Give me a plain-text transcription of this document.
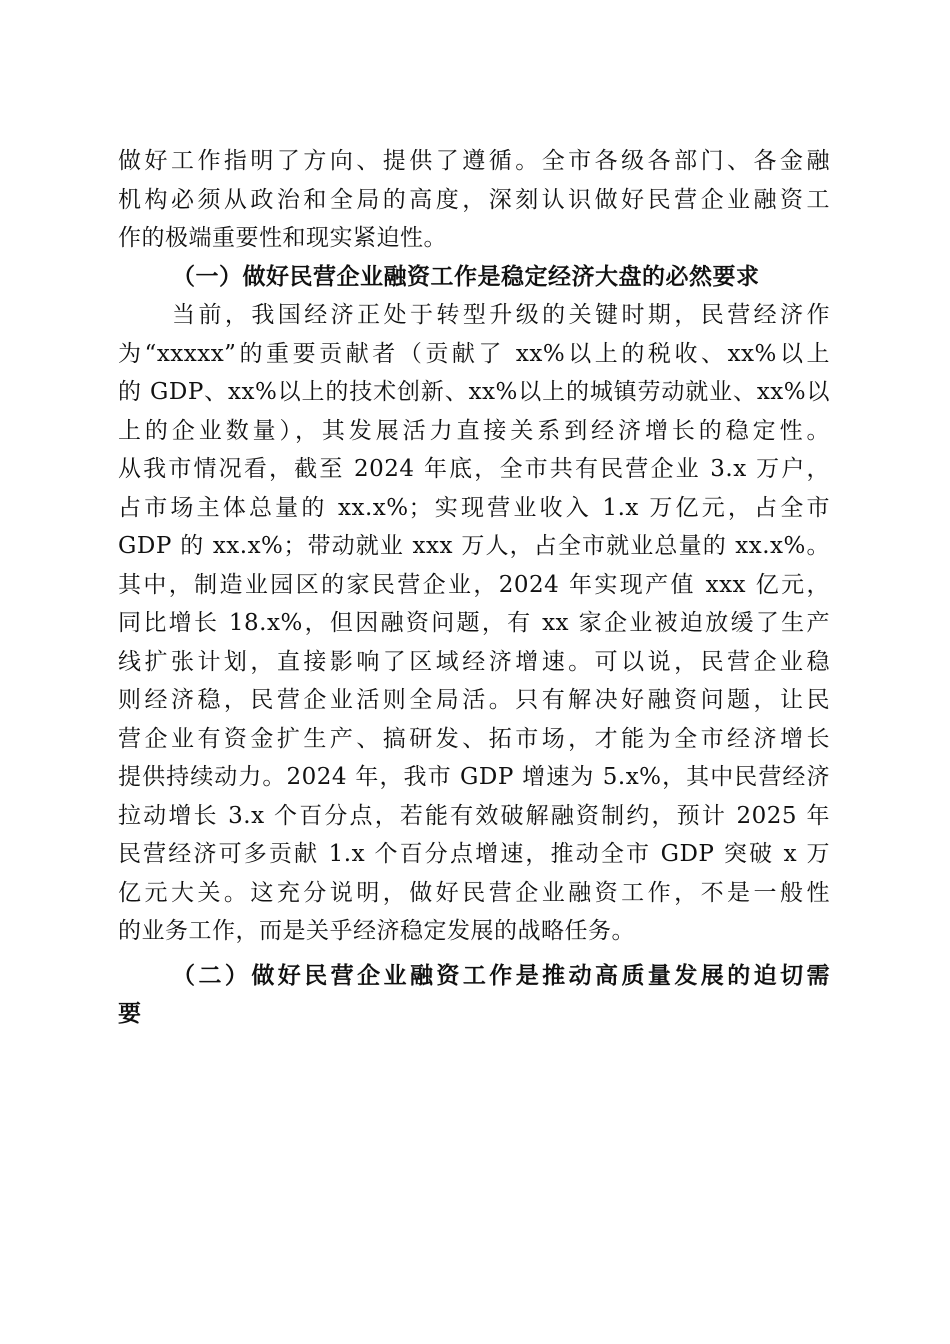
做好工作指明了方向、提供了遵循。全市各级各部门、各金融
机构必须从政治和全局的高度，深刻认识做好民营企业融资工
作的极端重要性和现实紧迫性。
（一）做好民营企业融资工作是稳定经济大盘的必然要求
当前，我国经济正处于转型升级的关键时期，民营经济作
为“xxxxx”的重要贡献者（贡献了 xx%以上的税收、xx%以上
的 GDP、xx%以上的技术创新、xx%以上的城镇劳动就业、xx%以
上的企业数量），其发展活力直接关系到经济增长的稳定性。
从我市情况看，截至 2024 年底，全市共有民营企业 3.x 万户，
占市场主体总量的 xx.x%；实现营业收入 1.x 万亿元，占全市
GDP 的 xx.x%；带动就业 xxx 万人，占全市就业总量的 xx.x%。
其中，制造业园区的家民营企业，2024 年实现产值 xxx 亿元，
同比增长 18.x%，但因融资问题，有 xx 家企业被迫放缓了生产
线扩张计划，直接影响了区域经济增速。可以说，民营企业稳
则经济稳，民营企业活则全局活。只有解决好融资问题，让民
营企业有资金扩生产、搞研发、拓市场，才能为全市经济增长
提供持续动力。2024 年，我市 GDP 增速为 5.x%，其中民营经济
拉动增长 3.x 个百分点，若能有效破解融资制约，预计 2025 年
民营经济可多贡献 1.x 个百分点增速，推动全市 GDP 突破 x 万
亿元大关。这充分说明，做好民营企业融资工作，不是一般性
的业务工作，而是关乎经济稳定发展的战略任务。
（二）做好民营企业融资工作是推动高质量发展的迫切需
要
